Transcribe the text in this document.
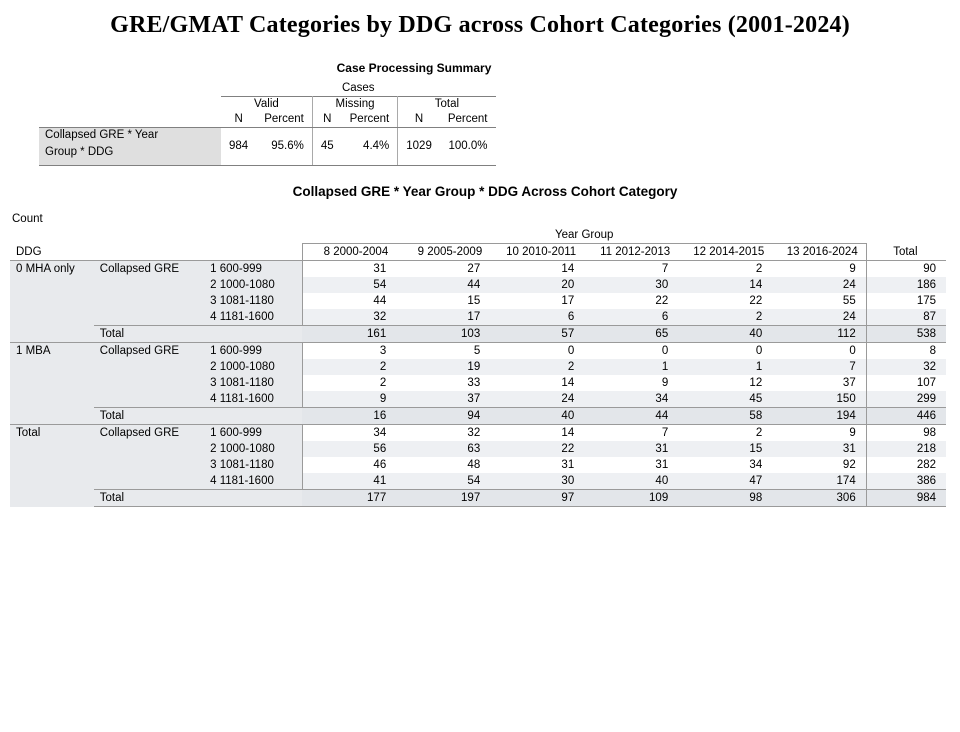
GRE/GMAT Categories by DDG across Cohort Categories (2001-2024)
Case Processing Summary
	Cases					
	Valid		Missing		Total	
	N	Percent	N	Percent	N	Percent

Collapsed GRE * Year
Group * DDG	984	95.6%	45	4.4%	1029	100.0%
Collapsed GRE * Year Group * DDG Across Cohort Category
Count
			Year Group						
DDG			8 2000-2004	9 2005-2009	10 2010-2011	11 2012-2013	12 2014-2015	13 2016-2024	Total
0 MHA only	Collapsed GRE	1 600-999	31	27	14	7	2	9	90
		2 1000-1080	54	44	20	30	14	24	186
		3 1081-1180	44	15	17	22	22	55	175
		4 1181-1600	32	17	6	6	2	24	87
	Total		161	103	57	65	40	112	538
1 MBA	Collapsed GRE	1 600-999	3	5	0	0	0	0	8
		2 1000-1080	2	19	2	1	1	7	32
		3 1081-1180	2	33	14	9	12	37	107
		4 1181-1600	9	37	24	34	45	150	299
	Total		16	94	40	44	58	194	446
Total	Collapsed GRE	1 600-999	34	32	14	7	2	9	98
		2 1000-1080	56	63	22	31	15	31	218
		3 1081-1180	46	48	31	31	34	92	282
		4 1181-1600	41	54	30	40	47	174	386
	Total		177	197	97	109	98	306	984
